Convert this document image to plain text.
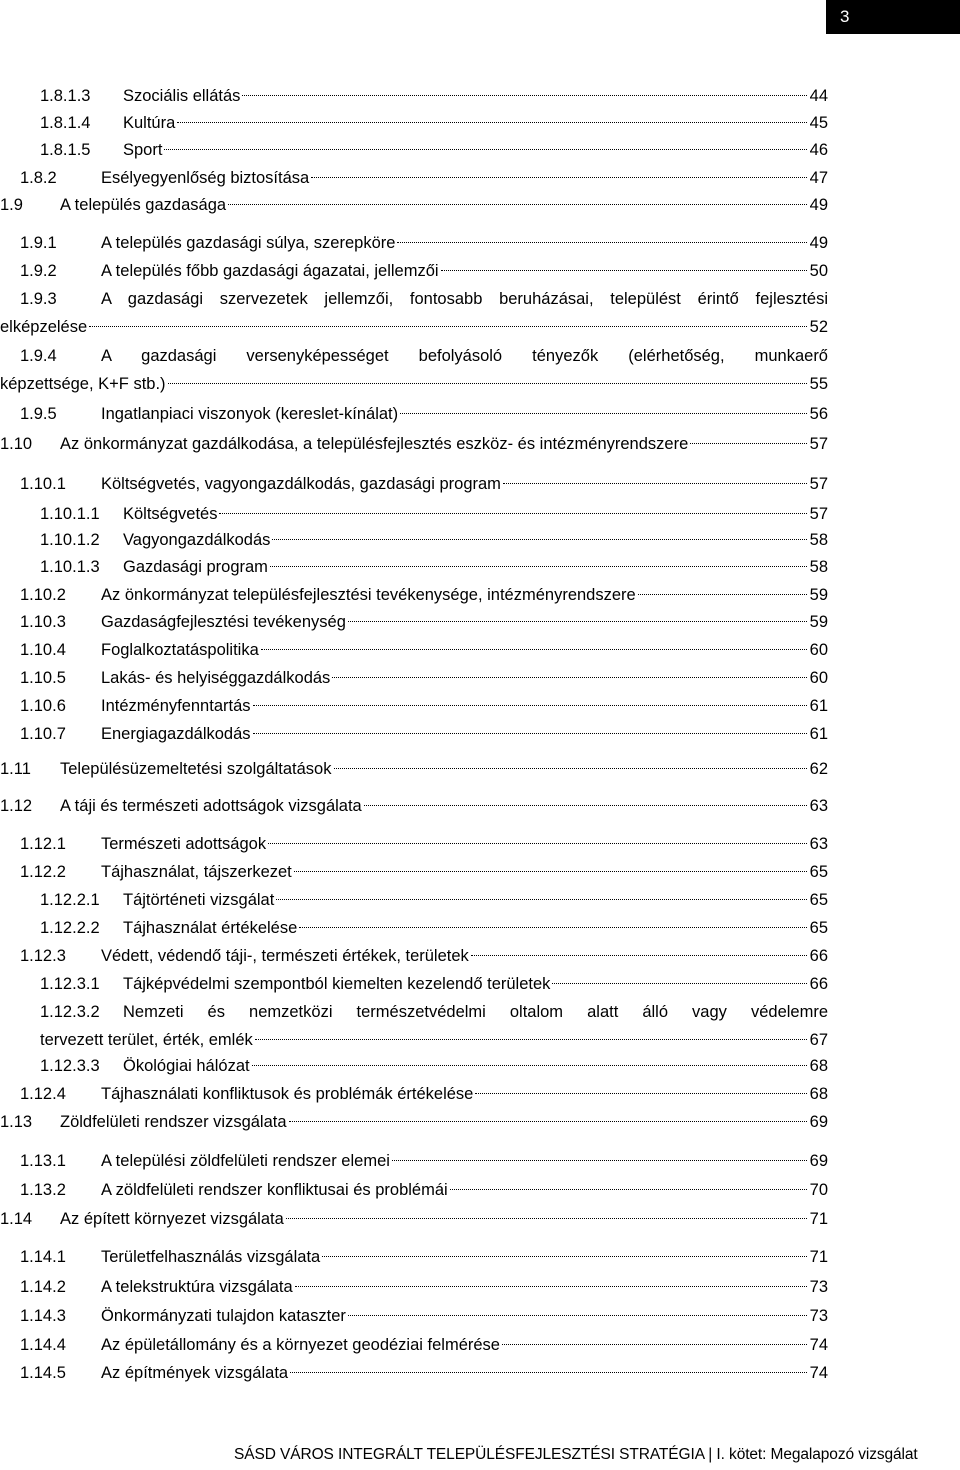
3
1.8.1.3 Szociális ellátás	44
1.8.1.4 Kultúra	45
1.8.1.5 Sport	46
1.8.2	Esélyegyenlőség biztosítása	47
1.9 A település gazdasága	49
1.9.1	A település gazdasági súlya, szerepköre	49
1.9.2	A település főbb gazdasági ágazatai, jellemzői	50
1.9.3	A gazdasági szervezetek jellemzői, fontosabb beruházásai, települést érintő fejlesztési
elképzelése	52
1.9.4	A gazdasági versenyképességet befolyásoló tényezők (elérhetőség, munkaerő
képzettsége, K+F stb.)	55
1.9.5	Ingatlanpiaci viszonyok (kereslet-kínálat)	56
1.10 Az önkormányzat gazdálkodása, a településfejlesztés eszköz- és intézményrendszere	57
1.10.1 Költségvetés, vagyongazdálkodás, gazdasági program	57
1.10.1.1 Költségvetés	57
1.10.1.2 Vagyongazdálkodás	58
1.10.1.3 Gazdasági program	58
1.10.2 Az önkormányzat településfejlesztési tevékenysége, intézményrendszere	59
1.10.3 Gazdaságfejlesztési tevékenység	59
1.10.4 Foglalkoztatáspolitika	60
1.10.5 Lakás- és helyiséggazdálkodás	60
1.10.6 Intézményfenntartás	61
1.10.7 Energiagazdálkodás	61
1.11 Településüzemeltetési szolgáltatások	62
1.12 A táji és természeti adottságok vizsgálata	63
1.12.1 Természeti adottságok	63
1.12.2 Tájhasználat, tájszerkezet	65
1.12.2.1 Tájtörténeti vizsgálat	65
1.12.2.2 Tájhasználat értékelése	65
1.12.3 Védett, védendő táji-, természeti értékek, területek	66
1.12.3.1 Tájképvédelmi szempontból kiemelten kezelendő területek	66
1.12.3.2 Nemzeti és nemzetközi természetvédelmi oltalom alatt álló vagy védelemre
tervezett terület, érték, emlék	67
1.12.3.3 Ökológiai hálózat	68
1.12.4 Tájhasználati konfliktusok és problémák értékelése	68
1.13 Zöldfelületi rendszer vizsgálata	69
1.13.1 A települési zöldfelületi rendszer elemei	69
1.13.2 A zöldfelületi rendszer konfliktusai és problémái	70
1.14 Az épített környezet vizsgálata	71
1.14.1 Területfelhasználás vizsgálata	71
1.14.2 A telekstruktúra vizsgálata	73
1.14.3 Önkormányzati tulajdon kataszter	73
1.14.4 Az épületállomány és a környezet geodéziai felmérése	74
1.14.5 Az építmények vizsgálata	74
SÁSD VÁROS INTEGRÁLT TELEPÜLÉSFEJLESZTÉSI STRATÉGIA | I. kötet: Megalapozó vizsgálat
